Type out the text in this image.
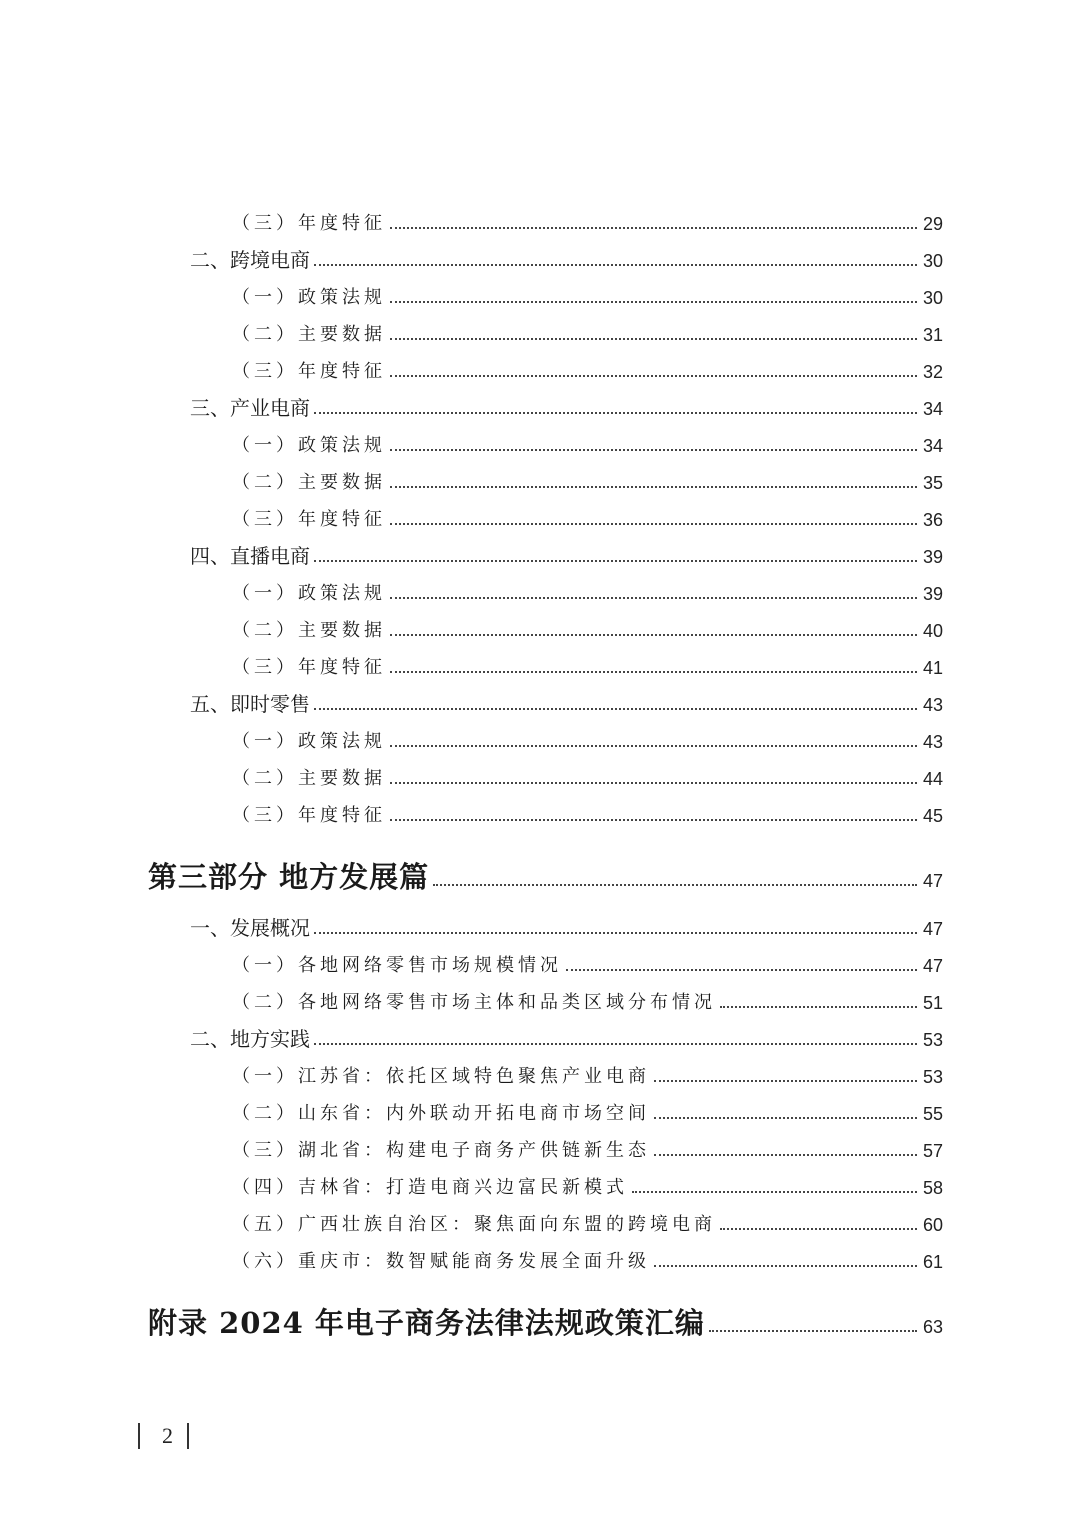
（三）年度特征	29
二、跨境电商	30
（一）政策法规	30
（二）主要数据	31
（三）年度特征	32
三、产业电商	34
（一）政策法规	34
（二）主要数据	35
（三）年度特征	36
四、直播电商	39
（一）政策法规	39
（二）主要数据	40
（三）年度特征	41
五、即时零售	43
（一）政策法规	43
（二）主要数据	44
（三）年度特征	45
第三部分 地方发展篇	47
一、发展概况	47
（一）各地网络零售市场规模情况	47
（二）各地网络零售市场主体和品类区域分布情况	51
二、地方实践	53
（一）江苏省：依托区域特色聚焦产业电商	53
（二）山东省：内外联动开拓电商市场空间	55
（三）湖北省：构建电子商务产供链新生态	57
（四）吉林省：打造电商兴边富民新模式	58
（五）广西壮族自治区：聚焦面向东盟的跨境电商	60
（六）重庆市：数智赋能商务发展全面升级	61
附录 2024 年电子商务法律法规政策汇编	63
2
